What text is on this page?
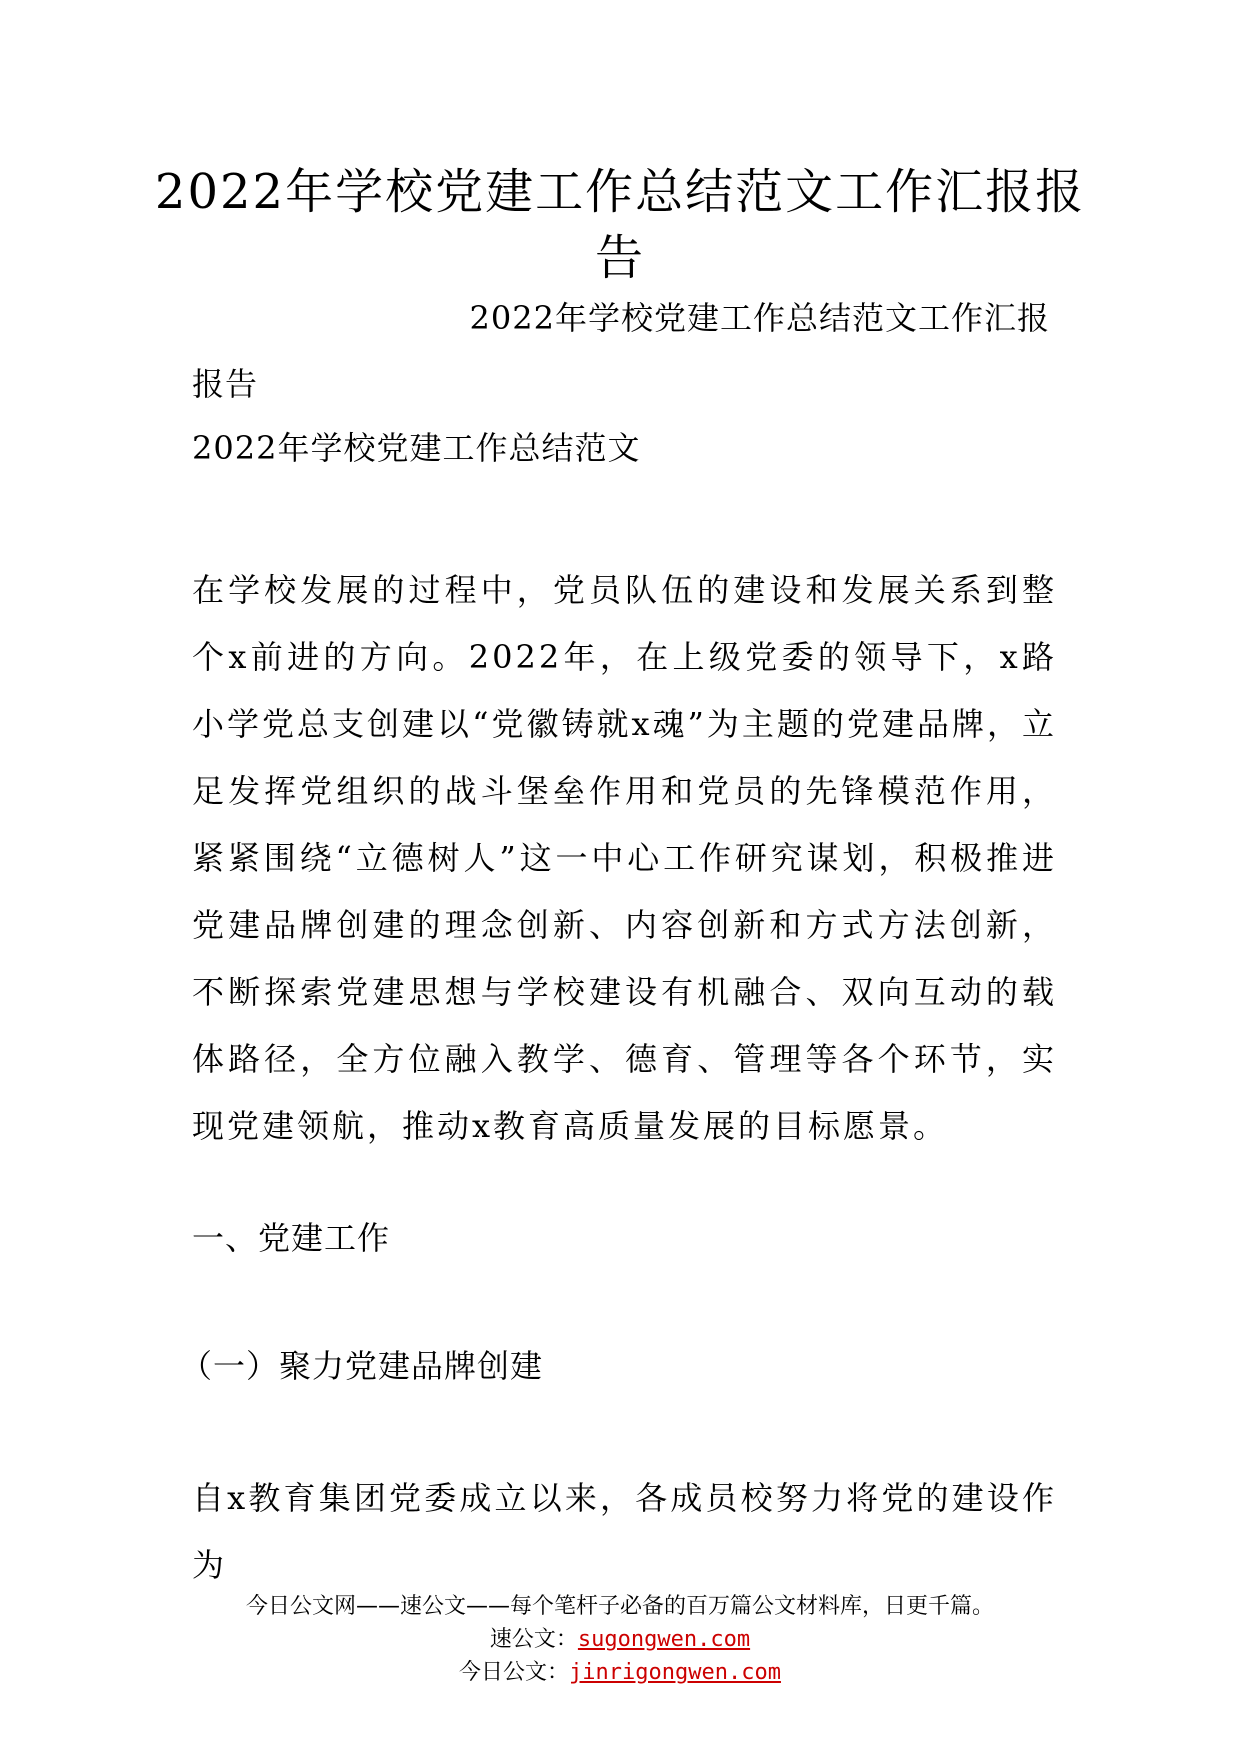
2022年学校党建工作总结范文工作汇报报
告
2022年学校党建工作总结范文工作汇报
报告
2022年学校党建工作总结范文
在学校发展的过程中，党员队伍的建设和发展关系到整个x前进的方向。2022年，在上级党委的领导下，x路小学党总支创建以“党徽铸就x魂”为主题的党建品牌，立足发挥党组织的战斗堡垒作用和党员的先锋模范作用，紧紧围绕“立德树人”这一中心工作研究谋划，积极推进党建品牌创建的理念创新、内容创新和方式方法创新，不断探索党建思想与学校建设有机融合、双向互动的载体路径，全方位融入教学、德育、管理等各个环节，实现党建领航，推动x教育高质量发展的目标愿景。
一、党建工作
（一）聚力党建品牌创建
自x教育集团党委成立以来，各成员校努力将党的建设作为
今日公文网——速公文——每个笔杆子必备的百万篇公文材料库，日更千篇。
速公文：sugongwen.com
今日公文：jinrigongwen.com
